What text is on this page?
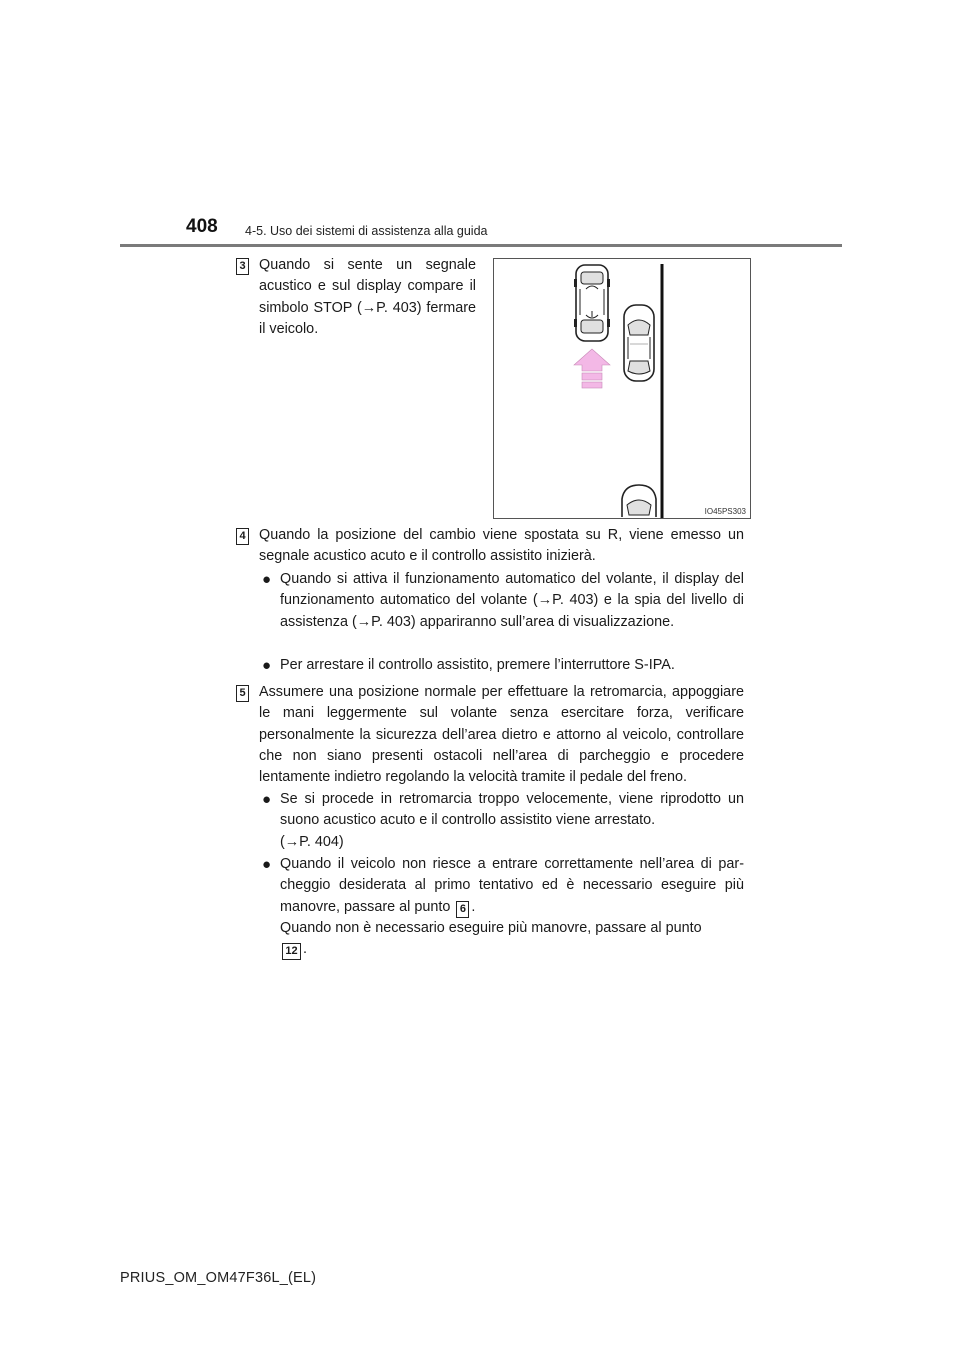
408 4-5. Uso dei sistemi di assistenza alla guida
3 Quando si sente un segnale acustico e sul display compare il simbolo STOP (→P. 403) fermare il veicolo.
IO45PS303
4 Quando la posizione del cambio viene spostata su R, viene emesso un segnale acustico acuto e il controllo assistito inizierà.
● Quando si attiva il funzionamento automatico del volante, il display del funzionamento automatico del volante (→P. 403) e la spia del livello di assistenza (→P. 403) appariranno sull’area di visualizzazione.
● Per arrestare il controllo assistito, premere l’interruttore S-IPA.
5 Assumere una posizione normale per effettuare la retromarcia, appoggiare le mani leggermente sul volante senza esercitare forza, verificare personalmente la sicurezza dell’area dietro e attorno al veicolo, controllare che non siano presenti ostacoli nell’area di parcheggio e procedere lentamente indietro regolando la velocità tramite il pedale del freno.
● Se si procede in retromarcia troppo velocemente, viene riprodotto un suono acustico acuto e il controllo assistito viene arrestato.
(→P. 404)
● Quando il veicolo non riesce a entrare correttamente nell’area di parcheggio desiderata al primo tentativo ed è necessario eseguire più manovre, passare al punto 6 .
Quando non è necessario eseguire più manovre, passare al punto
12 .
PRIUS_OM_OM47F36L_(EL)
